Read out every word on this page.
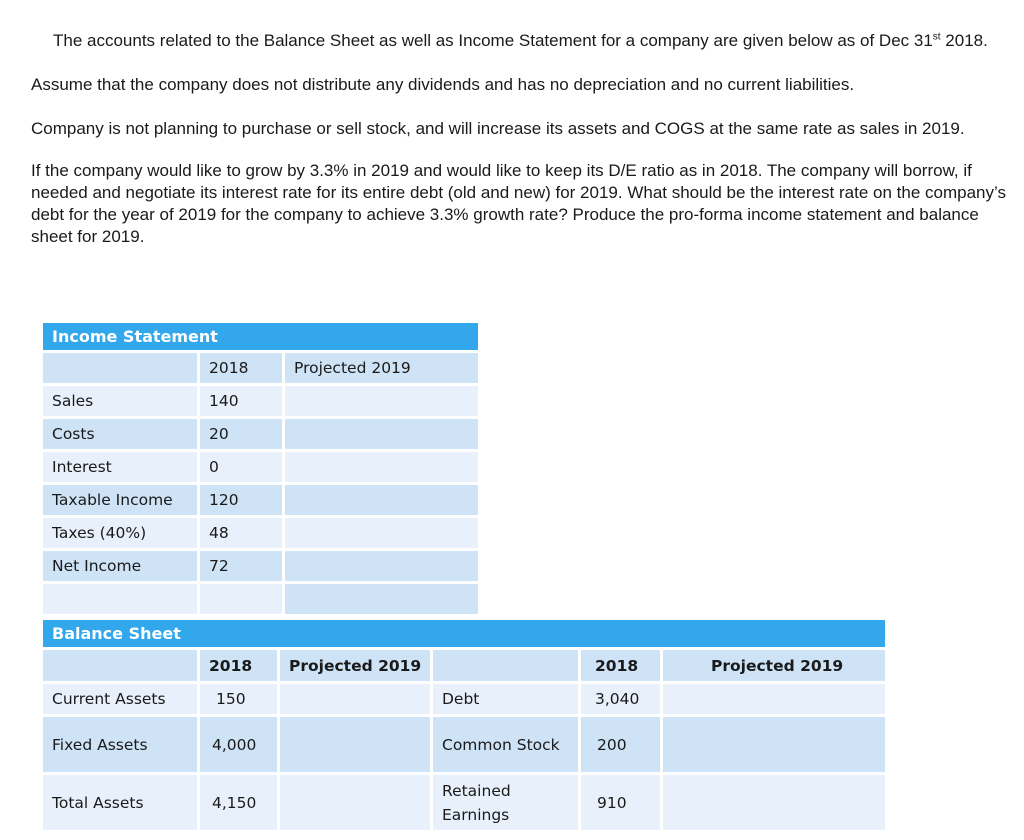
The accounts related to the Balance Sheet as well as Income Statement for a company are given below as of Dec 31st 2018.

Assume that the company does not distribute any dividends and has no depreciation and no current liabilities.

Company is not planning to purchase or sell stock, and will increase its assets and COGS at the same rate as sales in 2019.

If the company would like to grow by 3.3% in 2019 and would like to keep its D/E ratio as in 2018. The company will borrow, if needed and negotiate its interest rate for its entire debt (old and new) for 2019. What should be the interest rate on the company’s debt for the year of 2019 for the company to achieve 3.3% growth rate? Produce the pro-forma income statement and balance sheet for 2019.

Income Statement		
	2018	Projected 2019
Sales	140	
Costs	20	
Interest	0	
Taxable Income	120	
Taxes (40%)	48	
Net Income	72	

Balance Sheet					
	2018	Projected 2019		2018	Projected 2019
Current Assets	150		Debt	3,040	
Fixed Assets	4,000		Common Stock	200	
Total Assets	4,150		Retained Earnings	910	
